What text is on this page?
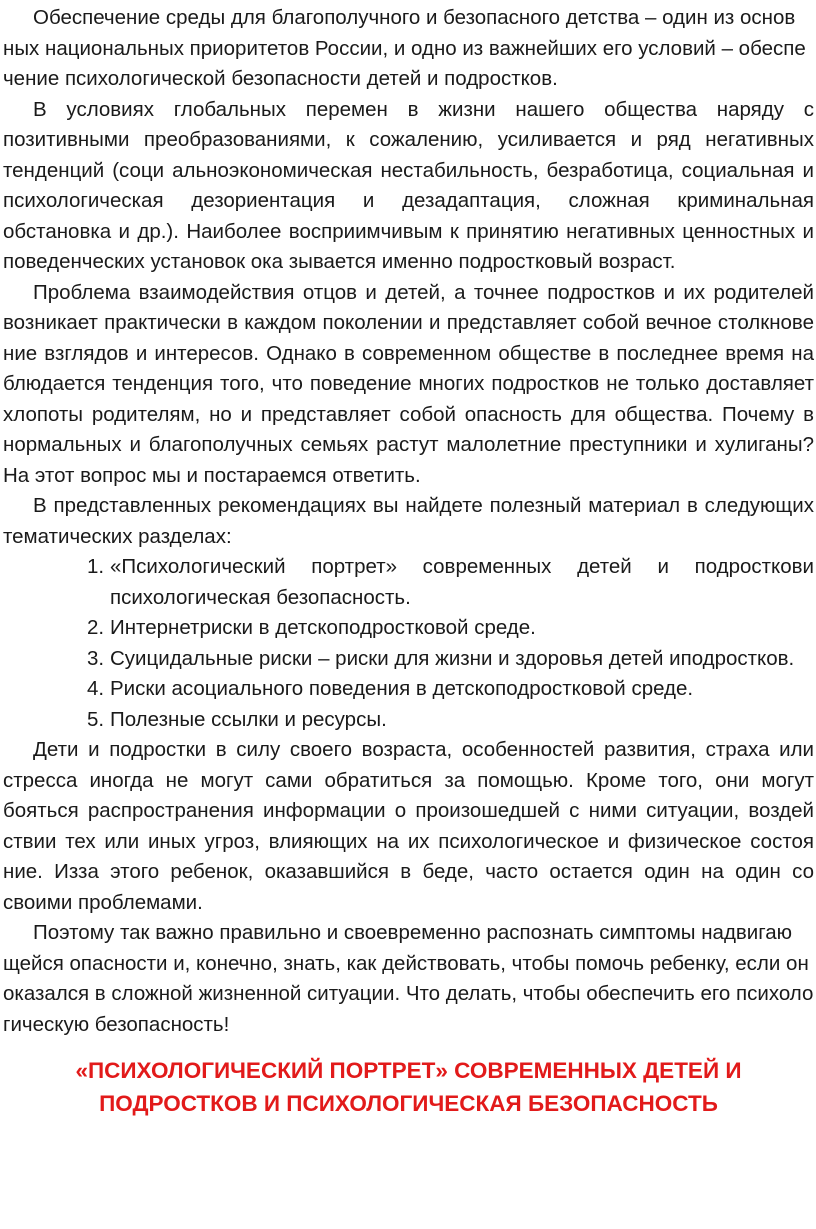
Обеспечение среды для благополучного и безопасного детства – один из основ ных национальных приоритетов России, и одно из важнейших его условий – обеспе чение психологической безопасности детей и подростков.

В условиях глобальных перемен в жизни нашего общества наряду с позитивными преобразованиями, к сожалению, усиливается и ряд негативных тенденций (соци альноэкономическая нестабильность, безработица, социальная и психологическая дезориентация и дезадаптация, сложная криминальная обстановка и др.). Наиболее восприимчивым к принятию негативных ценностных и поведенческих установок ока зывается именно подростковый возраст.

Проблема взаимодействия отцов и детей, а точнее подростков и их родителей возникает практически в каждом поколении и представляет собой вечное столкнове ние взглядов и интересов. Однако в современном обществе в последнее время на блюдается тенденция того, что поведение многих подростков не только доставляет хлопоты родителям, но и представляет собой опасность для общества. Почему в нормальных и благополучных семьях растут малолетние преступники и хулиганы? На этот вопрос мы и постараемся ответить.

В представленных рекомендациях вы найдете полезный материал в следующих тематических разделах:

1. «Психологический портрет» современных детей и подросткови психологическая безопасность.
2. Интернетриски в детскоподростковой среде.
3. Суицидальные риски – риски для жизни и здоровья детей иподростков.
4. Риски асоциального поведения в детскоподростковой среде.
5. Полезные ссылки и ресурсы.

Дети и подростки в силу своего возраста, особенностей развития, страха или стресса иногда не могут сами обратиться за помощью. Кроме того, они могут бояться распространения информации о произошедшей с ними ситуации, воздей ствии тех или иных угроз, влияющих на их психологическое и физическое состоя ние. Изза этого ребенок, оказавшийся в беде, часто остается один на один со своими проблемами.

Поэтому так важно правильно и своевременно распознать симптомы надвигаю щейся опасности и, конечно, знать, как действовать, чтобы помочь ребенку, если он оказался в сложной жизненной ситуации. Что делать, чтобы обеспечить его психоло гическую безопасность!

«ПСИХОЛОГИЧЕСКИЙ ПОРТРЕТ» СОВРЕМЕННЫХ ДЕТЕЙ И ПОДРОСТКОВ И ПСИХОЛОГИЧЕСКАЯ БЕЗОПАСНОСТЬ
